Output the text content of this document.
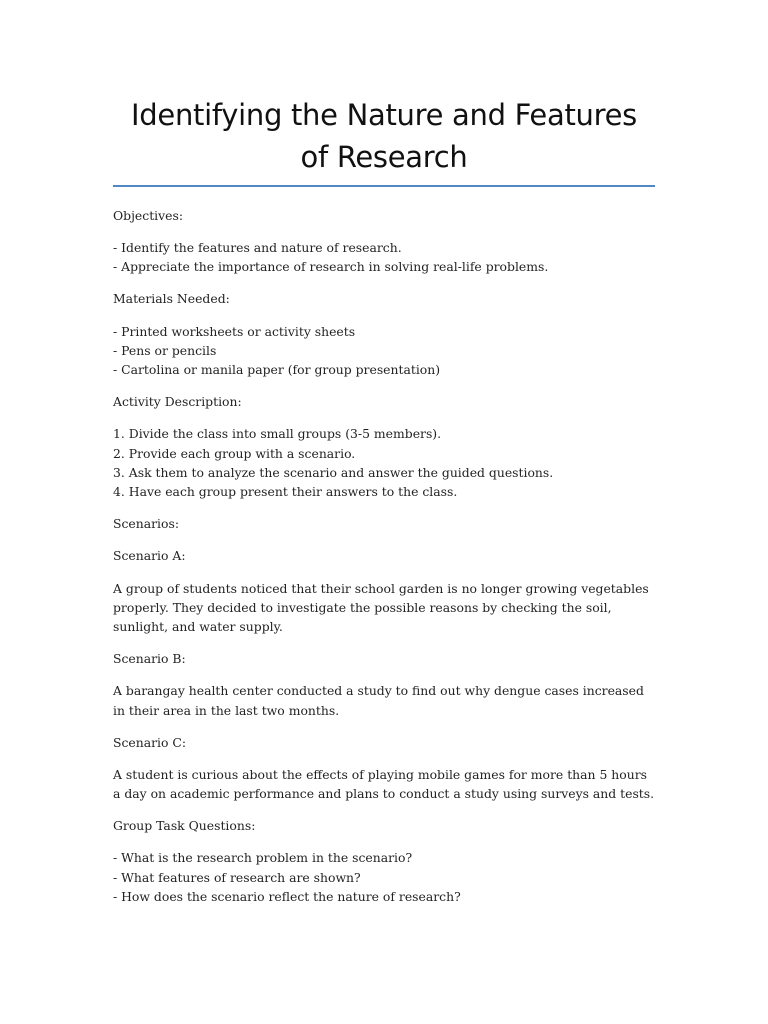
Identifying the Nature and Features of Research

Objectives:

- Identify the features and nature of research.
- Appreciate the importance of research in solving real-life problems.

Materials Needed:

- Printed worksheets or activity sheets
- Pens or pencils
- Cartolina or manila paper (for group presentation)

Activity Description:

1. Divide the class into small groups (3-5 members).
2. Provide each group with a scenario.
3. Ask them to analyze the scenario and answer the guided questions.
4. Have each group present their answers to the class.

Scenarios:

Scenario A:

A group of students noticed that their school garden is no longer growing vegetables properly. They decided to investigate the possible reasons by checking the soil, sunlight, and water supply.

Scenario B:

A barangay health center conducted a study to find out why dengue cases increased in their area in the last two months.

Scenario C:

A student is curious about the effects of playing mobile games for more than 5 hours a day on academic performance and plans to conduct a study using surveys and tests.

Group Task Questions:

- What is the research problem in the scenario?
- What features of research are shown?
- How does the scenario reflect the nature of research?
